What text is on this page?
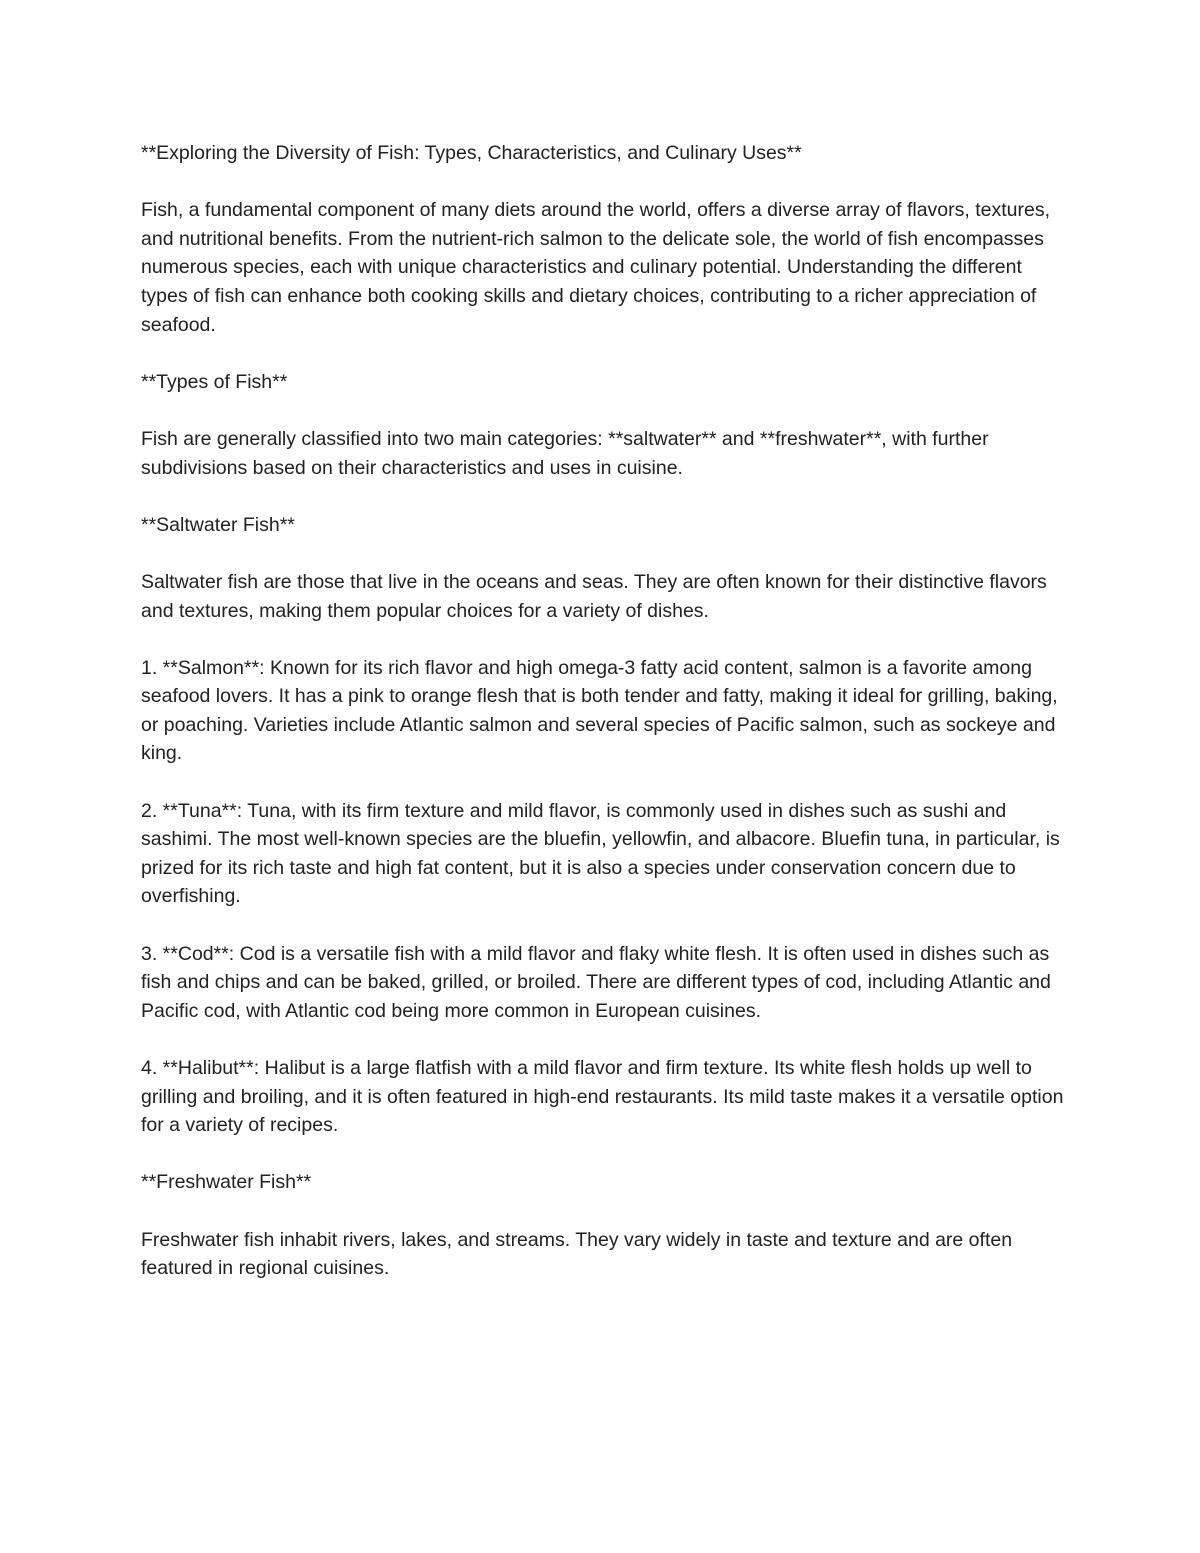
**Exploring the Diversity of Fish: Types, Characteristics, and Culinary Uses**

Fish, a fundamental component of many diets around the world, offers a diverse array of flavors, textures, and nutritional benefits. From the nutrient-rich salmon to the delicate sole, the world of fish encompasses numerous species, each with unique characteristics and culinary potential. Understanding the different types of fish can enhance both cooking skills and dietary choices, contributing to a richer appreciation of seafood.

**Types of Fish**

Fish are generally classified into two main categories: **saltwater** and **freshwater**, with further subdivisions based on their characteristics and uses in cuisine.

**Saltwater Fish**

Saltwater fish are those that live in the oceans and seas. They are often known for their distinctive flavors and textures, making them popular choices for a variety of dishes.

1. **Salmon**: Known for its rich flavor and high omega-3 fatty acid content, salmon is a favorite among seafood lovers. It has a pink to orange flesh that is both tender and fatty, making it ideal for grilling, baking, or poaching. Varieties include Atlantic salmon and several species of Pacific salmon, such as sockeye and king.

2. **Tuna**: Tuna, with its firm texture and mild flavor, is commonly used in dishes such as sushi and sashimi. The most well-known species are the bluefin, yellowfin, and albacore. Bluefin tuna, in particular, is prized for its rich taste and high fat content, but it is also a species under conservation concern due to overfishing.

3. **Cod**: Cod is a versatile fish with a mild flavor and flaky white flesh. It is often used in dishes such as fish and chips and can be baked, grilled, or broiled. There are different types of cod, including Atlantic and Pacific cod, with Atlantic cod being more common in European cuisines.

4. **Halibut**: Halibut is a large flatfish with a mild flavor and firm texture. Its white flesh holds up well to grilling and broiling, and it is often featured in high-end restaurants. Its mild taste makes it a versatile option for a variety of recipes.

**Freshwater Fish**

Freshwater fish inhabit rivers, lakes, and streams. They vary widely in taste and texture and are often featured in regional cuisines.
